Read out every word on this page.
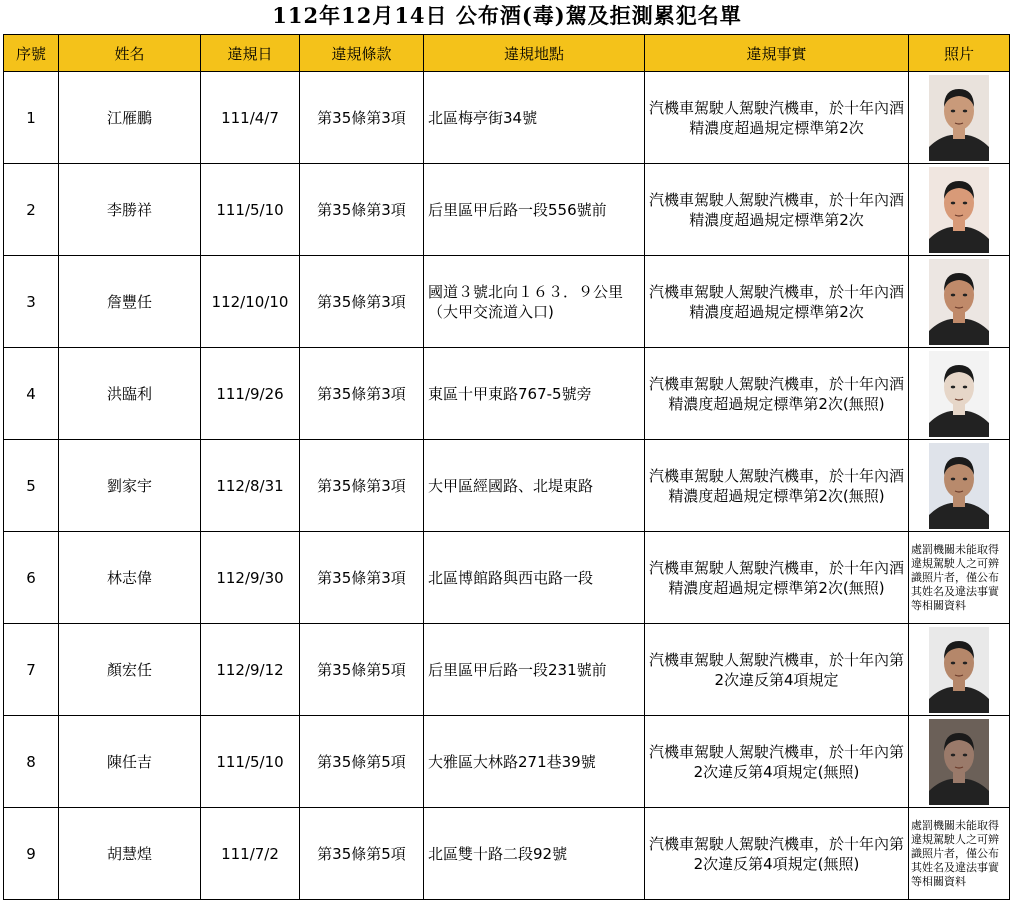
112年12月14日 公布酒(毒)駕及拒測累犯名單
序號	姓名	違規日	違規條款	違規地點	違規事實	照片
1	江雁鵬	111/4/7	第35條第3項	北區梅亭街34號	汽機車駕駛人駕駛汽機車，於十年內酒精濃度超過規定標準第2次	

2	李勝祥	111/5/10	第35條第3項	后里區甲后路一段556號前	汽機車駕駛人駕駛汽機車，於十年內酒精濃度超過規定標準第2次	

3	詹豐任	112/10/10	第35條第3項	國道３號北向１６３．９公里（大甲交流道入口)	汽機車駕駛人駕駛汽機車，於十年內酒精濃度超過規定標準第2次	

4	洪臨利	111/9/26	第35條第3項	東區十甲東路767-5號旁	汽機車駕駛人駕駛汽機車，於十年內酒精濃度超過規定標準第2次(無照)	

5	劉家宇	112/8/31	第35條第3項	大甲區經國路、北堤東路	汽機車駕駛人駕駛汽機車，於十年內酒精濃度超過規定標準第2次(無照)	

6	林志偉	112/9/30	第35條第3項	北區博館路與西屯路一段	汽機車駕駛人駕駛汽機車，於十年內酒精濃度超過規定標準第2次(無照)	處罰機關未能取得違規駕駛人之可辨識照片者，僅公布 其姓名及違法事實等相關資料

7	顏宏任	112/9/12	第35條第5項	后里區甲后路一段231號前	汽機車駕駛人駕駛汽機車，於十年內第2次違反第4項規定	

8	陳任吉	111/5/10	第35條第5項	大雅區大林路271巷39號	汽機車駕駛人駕駛汽機車，於十年內第2次違反第4項規定(無照)	

9	胡慧煌	111/7/2	第35條第5項	北區雙十路二段92號	汽機車駕駛人駕駛汽機車，於十年內第2次違反第4項規定(無照)	處罰機關未能取得違規駕駛人之可辨識照片者，僅公布 其姓名及違法事實等相關資料
